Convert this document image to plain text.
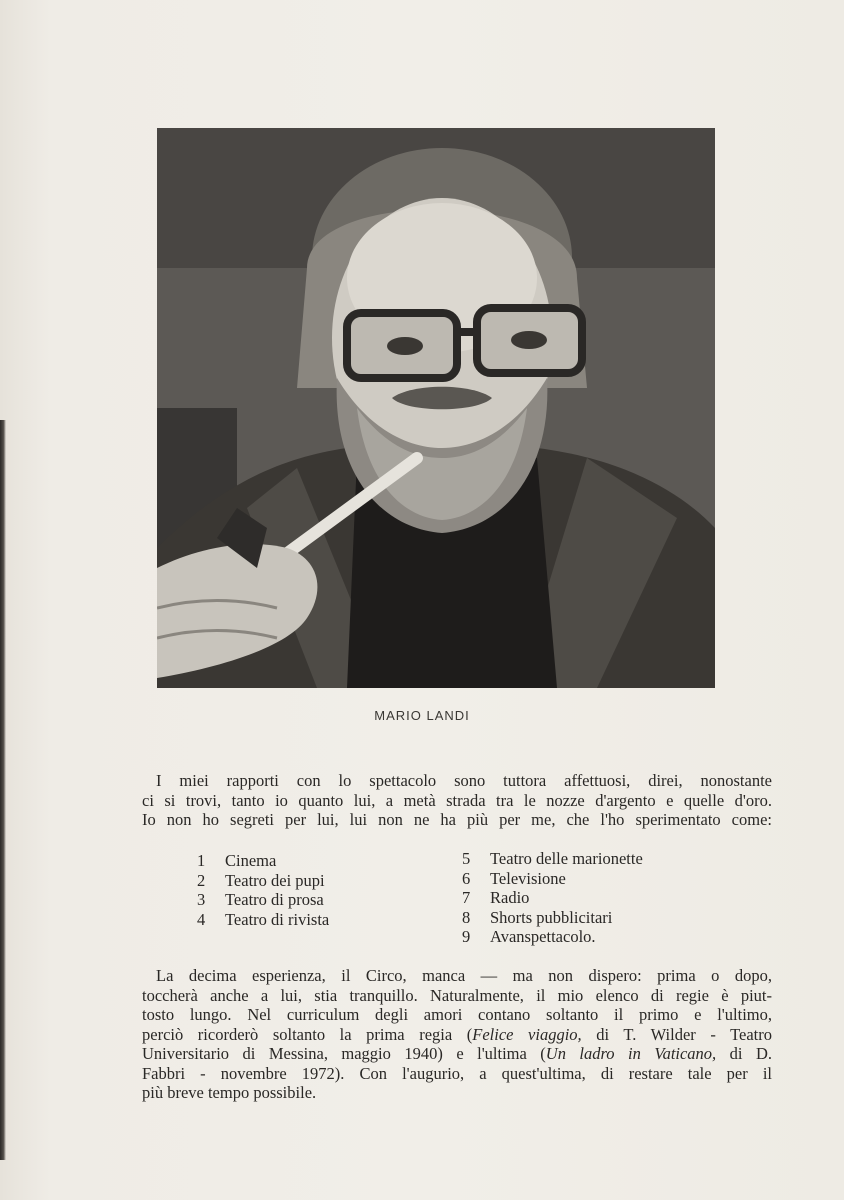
MARIO LANDI
I miei rapporti con lo spettacolo sono tuttora affettuosi, direi, nonostante
ci si trovi, tanto io quanto lui, a metà strada tra le nozze d'argento e quelle d'oro.
Io non ho segreti per lui, lui non ne ha più per me, che l'ho sperimentato come:
1	Cinema
2	Teatro dei pupi
3	Teatro di prosa
4	Teatro di rivista
5	Teatro delle marionette
6	Televisione
7	Radio
8	Shorts pubblicitari
9	Avanspettacolo.
La decima esperienza, il Circo, manca — ma non dispero: prima o dopo,
toccherà anche a lui, stia tranquillo. Naturalmente, il mio elenco di regie è piut-
tosto lungo. Nel curriculum degli amori contano soltanto il primo e l'ultimo,
perciò ricorderò soltanto la prima regia (Felice viaggio, di T. Wilder - Teatro
Universitario di Messina, maggio 1940) e l'ultima (Un ladro in Vaticano, di D.
Fabbri - novembre 1972). Con l'augurio, a quest'ultima, di restare tale per il
più breve tempo possibile.
